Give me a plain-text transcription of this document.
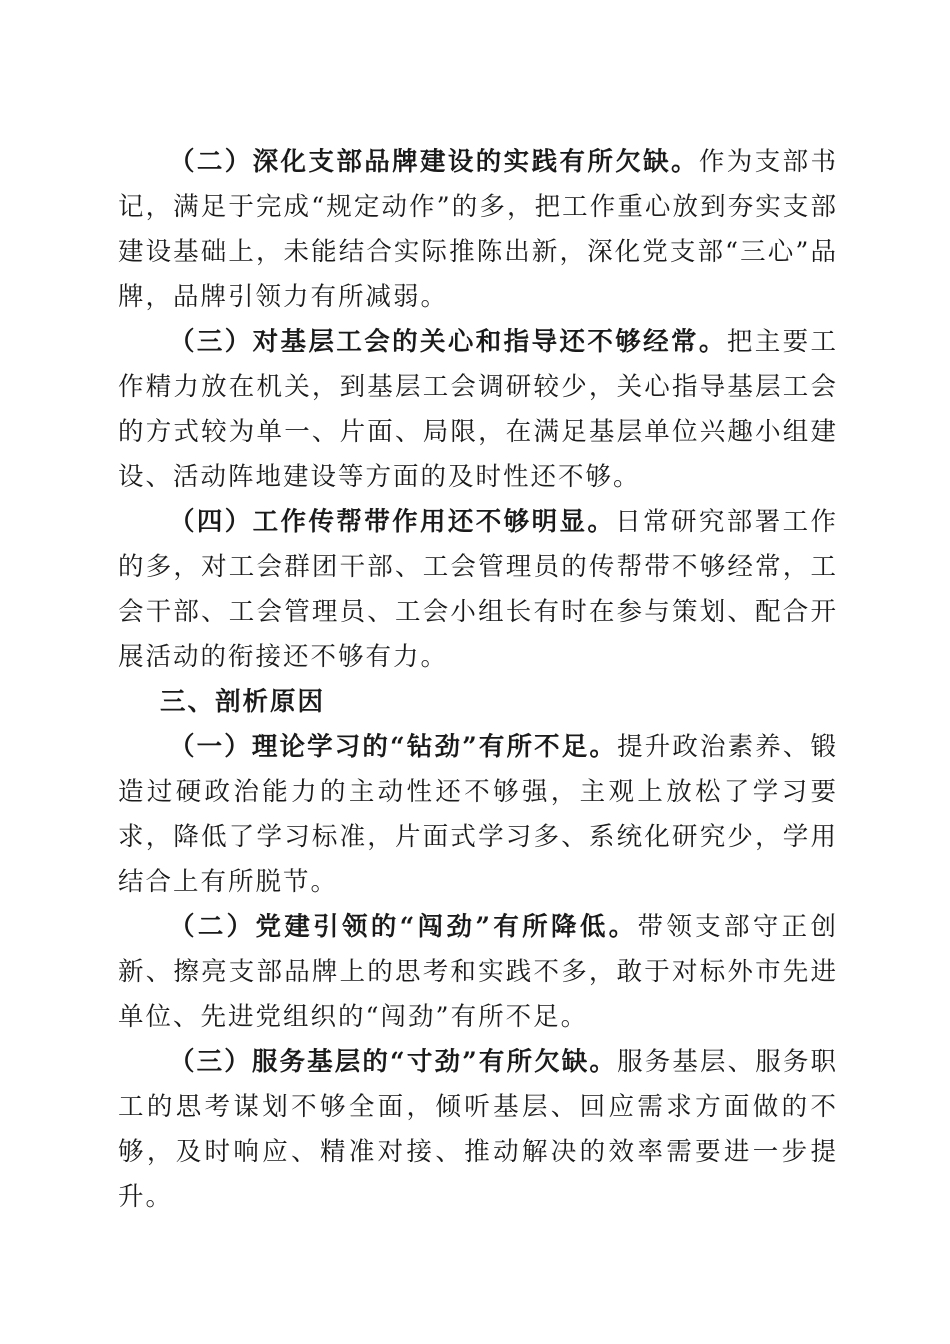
（二）深化支部品牌建设的实践有所欠缺。作为支部书记，满足于完成“规定动作”的多，把工作重心放到夯实支部建设基础上，未能结合实际推陈出新，深化党支部“三心”品牌，品牌引领力有所减弱。

（三）对基层工会的关心和指导还不够经常。把主要工作精力放在机关，到基层工会调研较少，关心指导基层工会的方式较为单一、片面、局限，在满足基层单位兴趣小组建设、活动阵地建设等方面的及时性还不够。

（四）工作传帮带作用还不够明显。日常研究部署工作的多，对工会群团干部、工会管理员的传帮带不够经常，工会干部、工会管理员、工会小组长有时在参与策划、配合开展活动的衔接还不够有力。

三、剖析原因

（一）理论学习的“钻劲”有所不足。提升政治素养、锻造过硬政治能力的主动性还不够强，主观上放松了学习要求，降低了学习标准，片面式学习多、系统化研究少，学用结合上有所脱节。

（二）党建引领的“闯劲”有所降低。带领支部守正创新、擦亮支部品牌上的思考和实践不多，敢于对标外市先进单位、先进党组织的“闯劲”有所不足。

（三）服务基层的“寸劲”有所欠缺。服务基层、服务职工的思考谋划不够全面，倾听基层、回应需求方面做的不够，及时响应、精准对接、推动解决的效率需要进一步提升。
